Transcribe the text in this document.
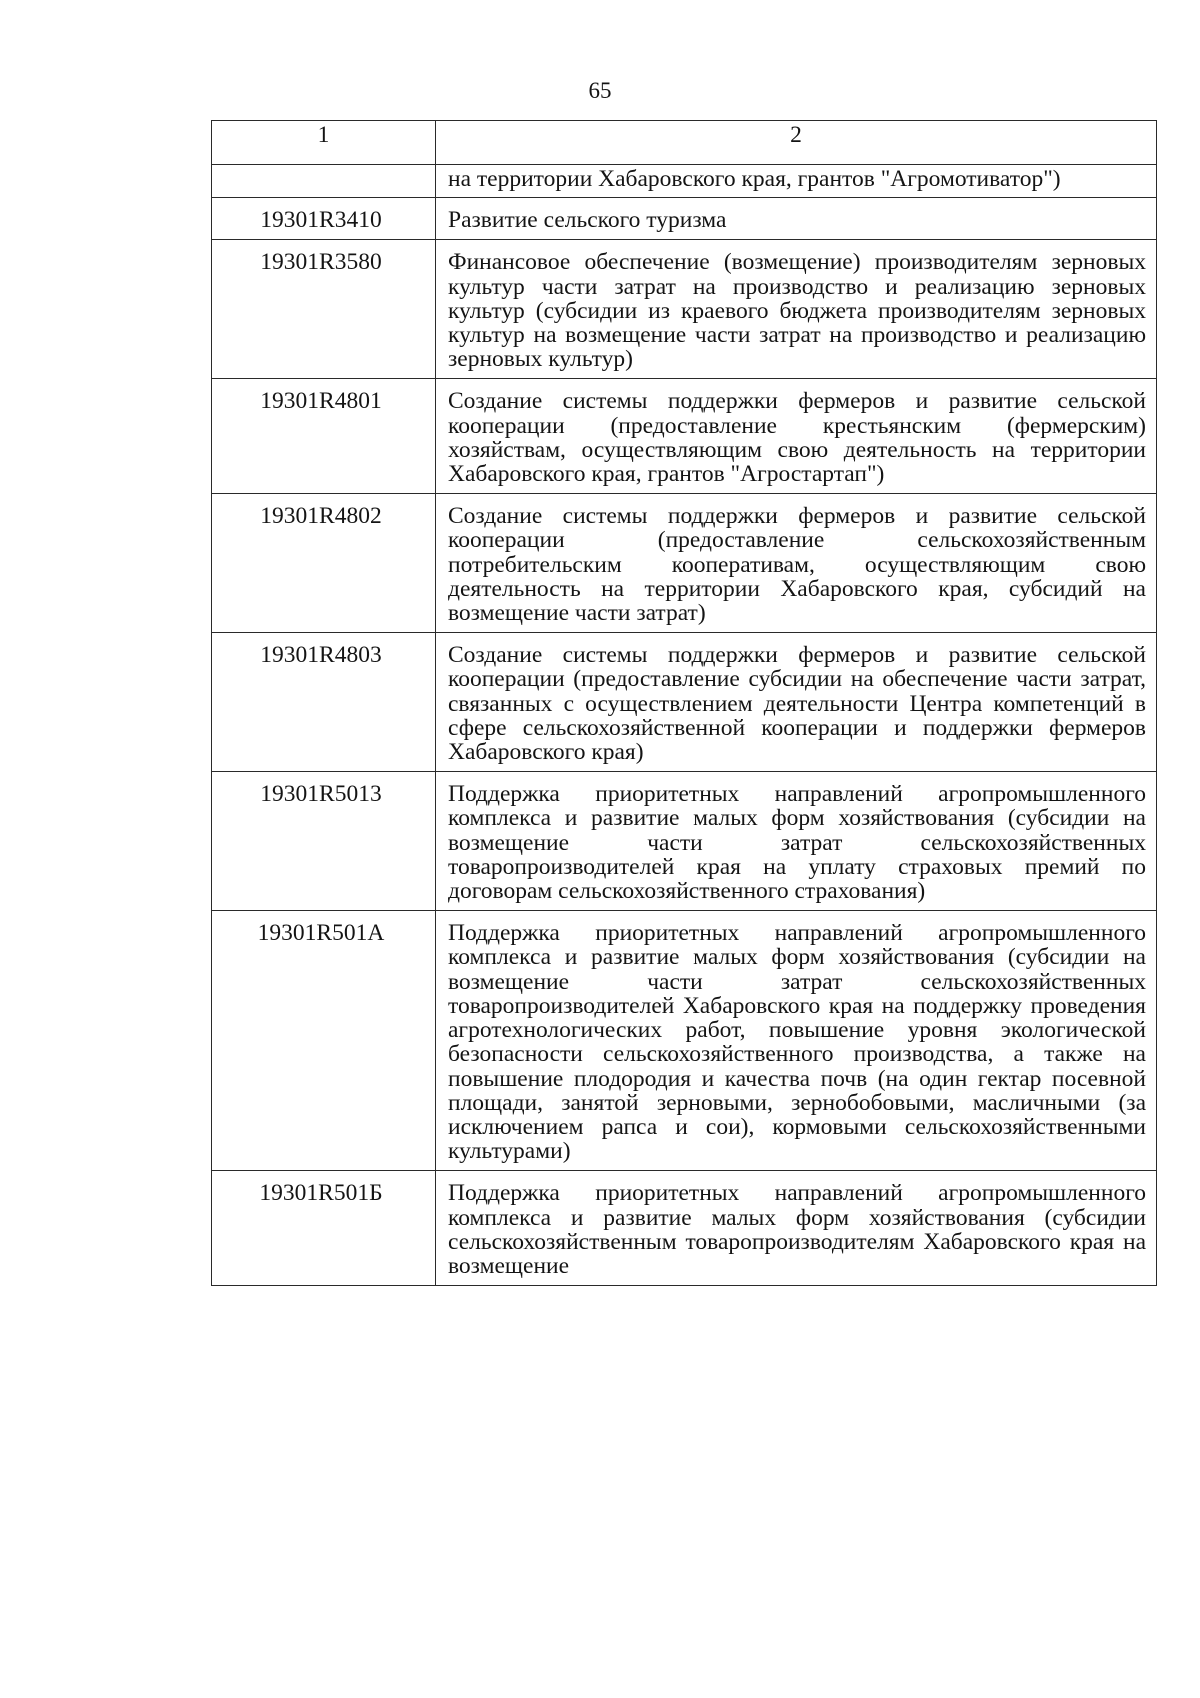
65
1	2
	на территории Хабаровского края, грантов "Агромотиватор")
19301R3410	Развитие сельского туризма
19301R3580	Финансовое обеспечение (возмещение) производителям зерновых культур части затрат на производство и реализацию зерновых культур (субсидии из краевого бюджета производителям зерновых культур на возмещение части затрат на производство и реализацию зерновых культур)
19301R4801	Создание системы поддержки фермеров и развитие сельской кооперации (предоставление крестьянским (фермерским) хозяйствам, осуществляющим свою деятельность на территории Хабаровского края, грантов "Агростартап")
19301R4802	Создание системы поддержки фермеров и развитие сельской кооперации (предоставление сельскохозяйственным потребительским кооперативам, осуществляющим свою деятельность на территории Хабаровского края, субсидий на возмещение части затрат)
19301R4803	Создание системы поддержки фермеров и развитие сельской кооперации (предоставление субсидии на обеспечение части затрат, связанных с осуществлением деятельности Центра компетенций в сфере сельскохозяйственной кооперации и поддержки фермеров Хабаровского края)
19301R5013	Поддержка приоритетных направлений агропромышленного комплекса и развитие малых форм хозяйствования (субсидии на возмещение части затрат сельскохозяйственных товаропроизводителей края на уплату страховых премий по договорам сельскохозяйственного страхования)
19301R501A	Поддержка приоритетных направлений агропромышленного комплекса и развитие малых форм хозяйствования (субсидии на возмещение части затрат сельскохозяйственных товаропроизводителей Хабаровского края на поддержку проведения агротехнологических работ, повышение уровня экологической безопасности сельскохозяйственного производства, а также на повышение плодородия и качества почв (на один гектар посевной площади, занятой зерновыми, зернобобовыми, масличными (за исключением рапса и сои), кормовыми сельскохозяйственными культурами)
19301R501Б	Поддержка приоритетных направлений агропромышленного комплекса и развитие малых форм хозяйствования (субсидии сельскохозяйственным товаропроизводителям Хабаровского края на возмещение
